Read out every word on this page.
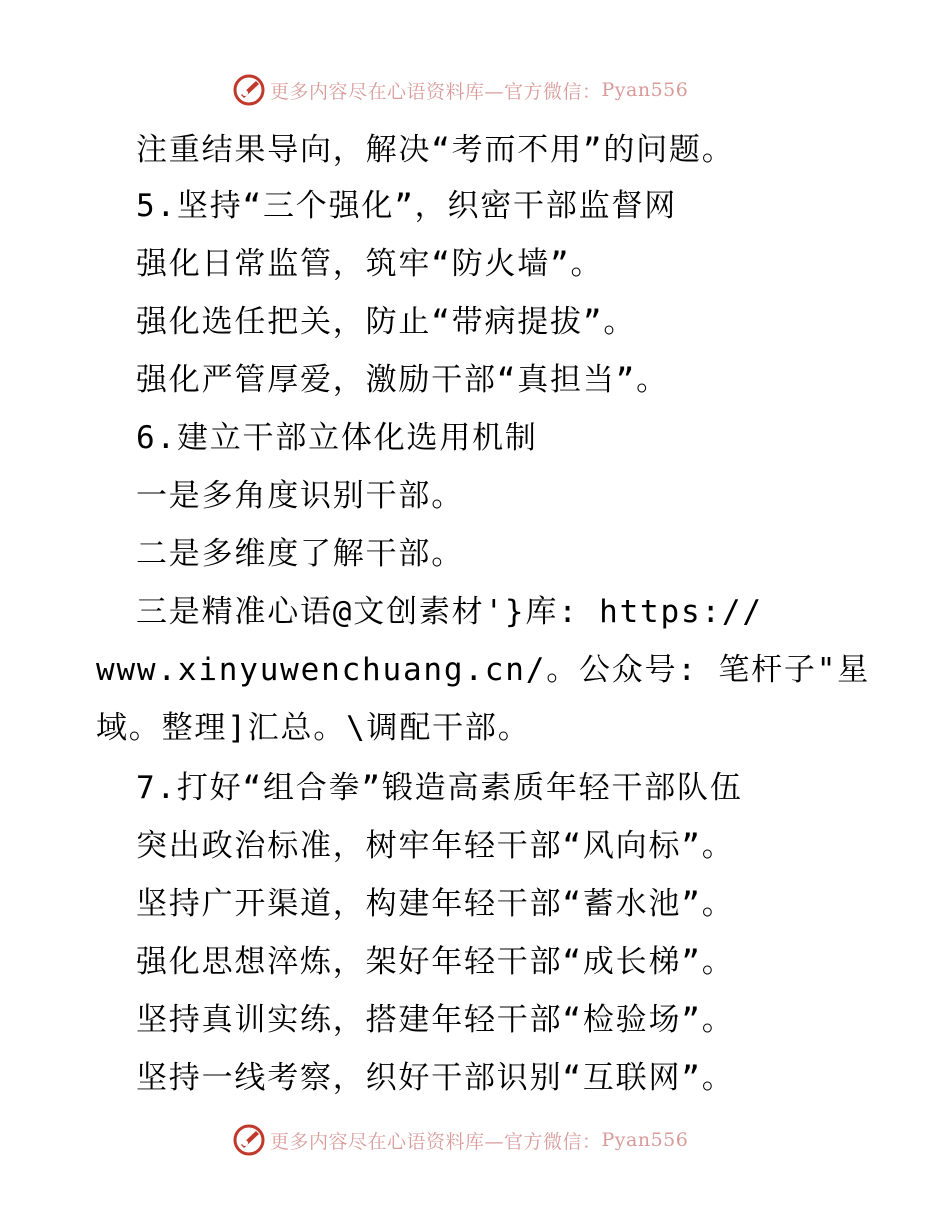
更多内容尽在心语资料库—官方微信： Pyan556
注重结果导向，解决“考而不用”的问题。
5.坚持“三个强化”，织密干部监督网
强化日常监管，筑牢“防火墙”。
强化选任把关，防止“带病提拔”。
强化严管厚爱，激励干部“真担当”。
6.建立干部立体化选用机制
一是多角度识别干部。
二是多维度了解干部。
三是精准心语@文创素材'}库: https://
www.xinyuwenchuang.cn/。公众号: 笔杆子"星
域。整理]汇总。\调配干部。
7.打好“组合拳”锻造高素质年轻干部队伍
突出政治标准，树牢年轻干部“风向标”。
坚持广开渠道，构建年轻干部“蓄水池”。
强化思想淬炼，架好年轻干部“成长梯”。
坚持真训实练，搭建年轻干部“检验场”。
坚持一线考察，织好干部识别“互联网”。
更多内容尽在心语资料库—官方微信： Pyan556
